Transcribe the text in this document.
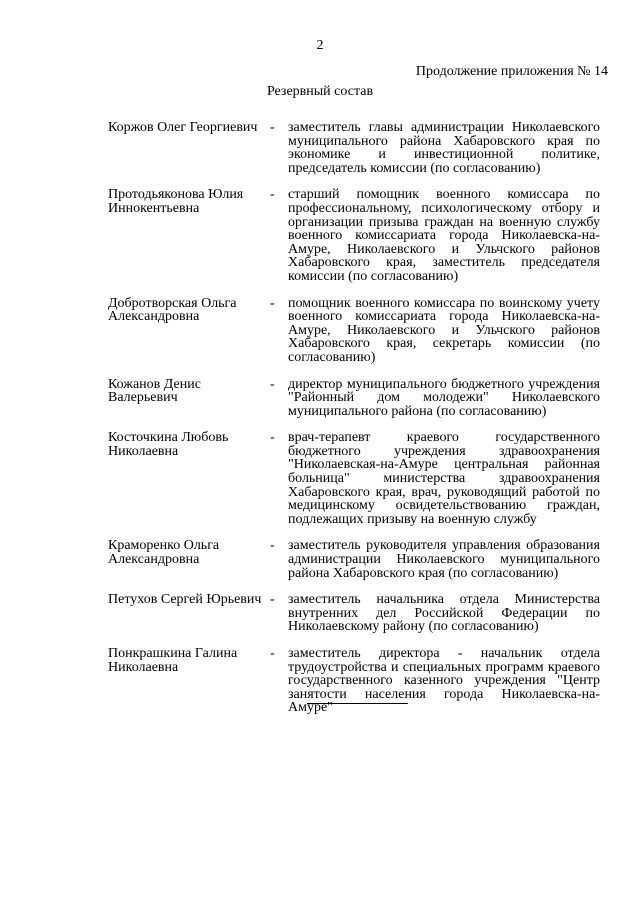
2
Продолжение приложения № 14
Резервный состав
Коржов Олег Георгиевич - заместитель главы администрации Николаевского муниципального района Хабаровского края по экономике и инвестиционной политике, председатель комиссии (по согласованию)
Протодьяконова Юлия Иннокентьевна
- старший помощник военного комиссара по профессиональному, психологическому отбору и организации призыва граждан на военную службу военного комиссариата города Николаевска-на-Амуре, Николаевского и Ульчского районов Хабаровского края, заместитель председателя комиссии (по согласованию)
Добротворская Ольга Александровна
- помощник военного комиссара по воинскому учету военного комиссариата города Николаевска-на-Амуре, Николаевского и Ульчского районов Хабаровского края, секретарь комиссии (по согласованию)
Кожанов Денис Валерьевич
- директор муниципального бюджетного учреждения "Районный дом молодежи" Николаевского муниципального района (по согласованию)
Косточкина Любовь Николаевна
- врач-терапевт краевого государственного бюджетного учреждения здравоохранения "Николаевская-на-Амуре центральная районная больница" министерства здравоохранения Хабаровского края, врач, руководящий работой по медицинскому освидетельствованию граждан, подлежащих призыву на военную службу
Краморенко Ольга Александровна
- заместитель руководителя управления образования администрации Николаевского муниципального района Хабаровского края (по согласованию)
Петухов Сергей Юрьевич - заместитель начальника отдела Министерства внутренних дел Российской Федерации по Николаевскому району (по согласованию)
Понкрашкина Галина Николаевна
- заместитель директора - начальник отдела трудоустройства и специальных программ краевого государственного казенного учреждения "Центр занятости населения города Николаевска-на-Амуре"
